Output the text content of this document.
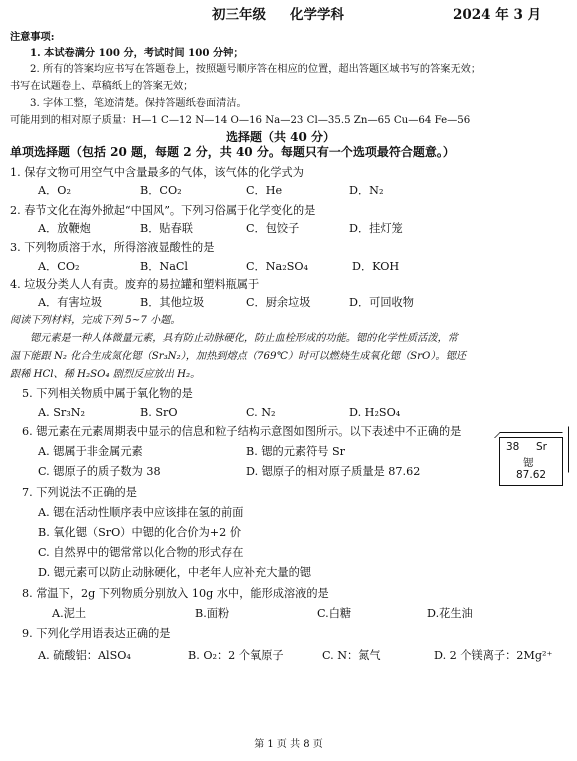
初三年级 化学学科	2024 年 3 月
注意事项:
1. 本试卷满分 100 分，考试时间 100 分钟；
2. 所有的答案均应书写在答题卷上，按照题号顺序答在相应的位置，超出答题区域书写的答案无效；
书写在试题卷上、草稿纸上的答案无效；
3. 字体工整，笔迹清楚。保持答题纸卷面清洁。
可能用到的相对原子质量：H—1 C—12 N—14 O—16 Na—23 Cl—35.5 Zn—65 Cu—64 Fe—56
选择题（共 40 分）
单项选择题（包括 20 题，每题 2 分，共 40 分。每题只有一个选项最符合题意。）
1. 保存文物可用空气中含量最多的气体，该气体的化学式为
A．O₂	B．CO₂	C．He	D．N₂
2. 春节文化在海外掀起“中国风”。下列习俗属于化学变化的是
A．放鞭炮	B．贴春联	C．包饺子	D．挂灯笼
3. 下列物质溶于水，所得溶液显酸性的是
A．CO₂	B．NaCl	C．Na₂SO₄	D．KOH
4. 垃圾分类人人有责。废弃的易拉罐和塑料瓶属于
A．有害垃圾	B．其他垃圾	C．厨余垃圾	D．可回收物
阅读下列材料，完成下列 5~7 小题。
锶元素是一种人体微量元素，具有防止动脉硬化，防止血栓形成的功能。锶的化学性质活泼，常
温下能跟 N₂ 化合生成氮化锶（Sr₃N₂），加热到熔点（769℃）时可以燃烧生成氧化锶（SrO）。锶还
跟稀 HCl、稀 H₂SO₄ 剧烈反应放出 H₂。
5. 下列相关物质中属于氧化物的是
A. Sr₃N₂	B. SrO	C. N₂	D. H₂SO₄
6. 锶元素在元素周期表中显示的信息和粒子结构示意图如图所示。以下表述中不正确的是
A. 锶属于非金属元素	B. 锶的元素符号 Sr
C. 锶原子的质子数为 38	D. 锶原子的相对原子质量是 87.62
38 Sr
锶
87.62
7. 下列说法不正确的是
A. 锶在活动性顺序表中应该排在氢的前面
B. 氧化锶（SrO）中锶的化合价为+2 价
C. 自然界中的锶常常以化合物的形式存在
D. 锶元素可以防止动脉硬化，中老年人应补充大量的锶
8. 常温下，2g 下列物质分别放入 10g 水中，能形成溶液的是
A.泥土	B.面粉	C.白糖	D.花生油
9. 下列化学用语表达正确的是
A. 硫酸铝：AlSO₄	B. O₂：2 个氧原子	C. N：氮气	D. 2 个镁离子：2Mg²⁺
第 1 页 共 8 页
